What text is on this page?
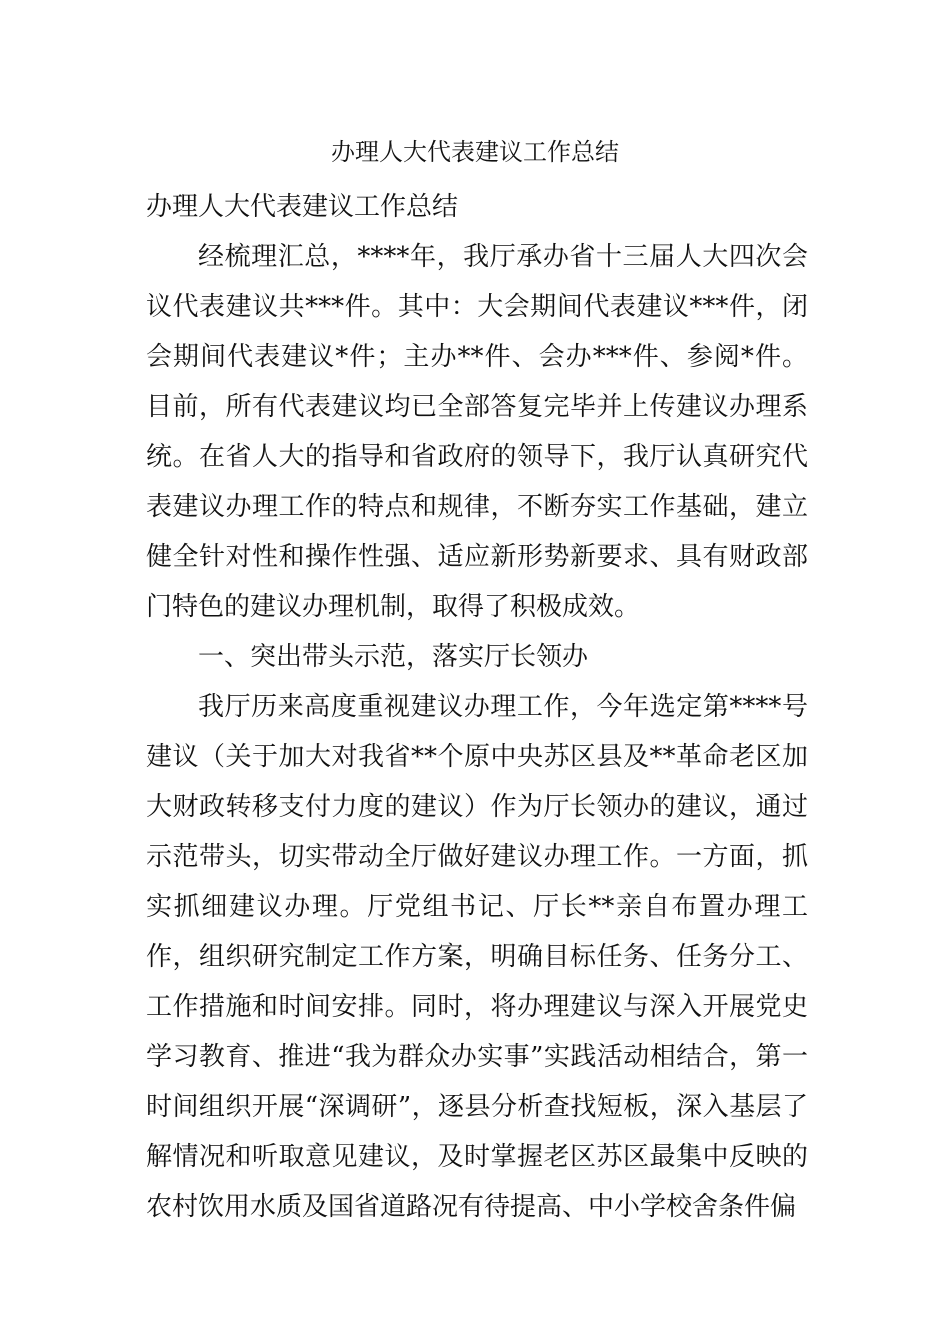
办理人大代表建议工作总结

办理人大代表建议工作总结

经梳理汇总，****年，我厅承办省十三届人大四次会议代表建议共***件。其中：大会期间代表建议***件，闭会期间代表建议*件；主办**件、会办***件、参阅*件。目前，所有代表建议均已全部答复完毕并上传建议办理系统。在省人大的指导和省政府的领导下，我厅认真研究代表建议办理工作的特点和规律，不断夯实工作基础，建立健全针对性和操作性强、适应新形势新要求、具有财政部门特色的建议办理机制，取得了积极成效。

一、突出带头示范，落实厅长领办

我厅历来高度重视建议办理工作，今年选定第****号建议（关于加大对我省**个原中央苏区县及**革命老区加大财政转移支付力度的建议）作为厅长领办的建议，通过示范带头，切实带动全厅做好建议办理工作。一方面，抓实抓细建议办理。厅党组书记、厅长**亲自布置办理工作，组织研究制定工作方案，明确目标任务、任务分工、工作措施和时间安排。同时，将办理建议与深入开展党史学习教育、推进“我为群众办实事”实践活动相结合，第一时间组织开展“深调研”，逐县分析查找短板，深入基层了解情况和听取意见建议，及时掌握老区苏区最集中反映的农村饮用水质及国省道路况有待提高、中小学校舍条件偏
